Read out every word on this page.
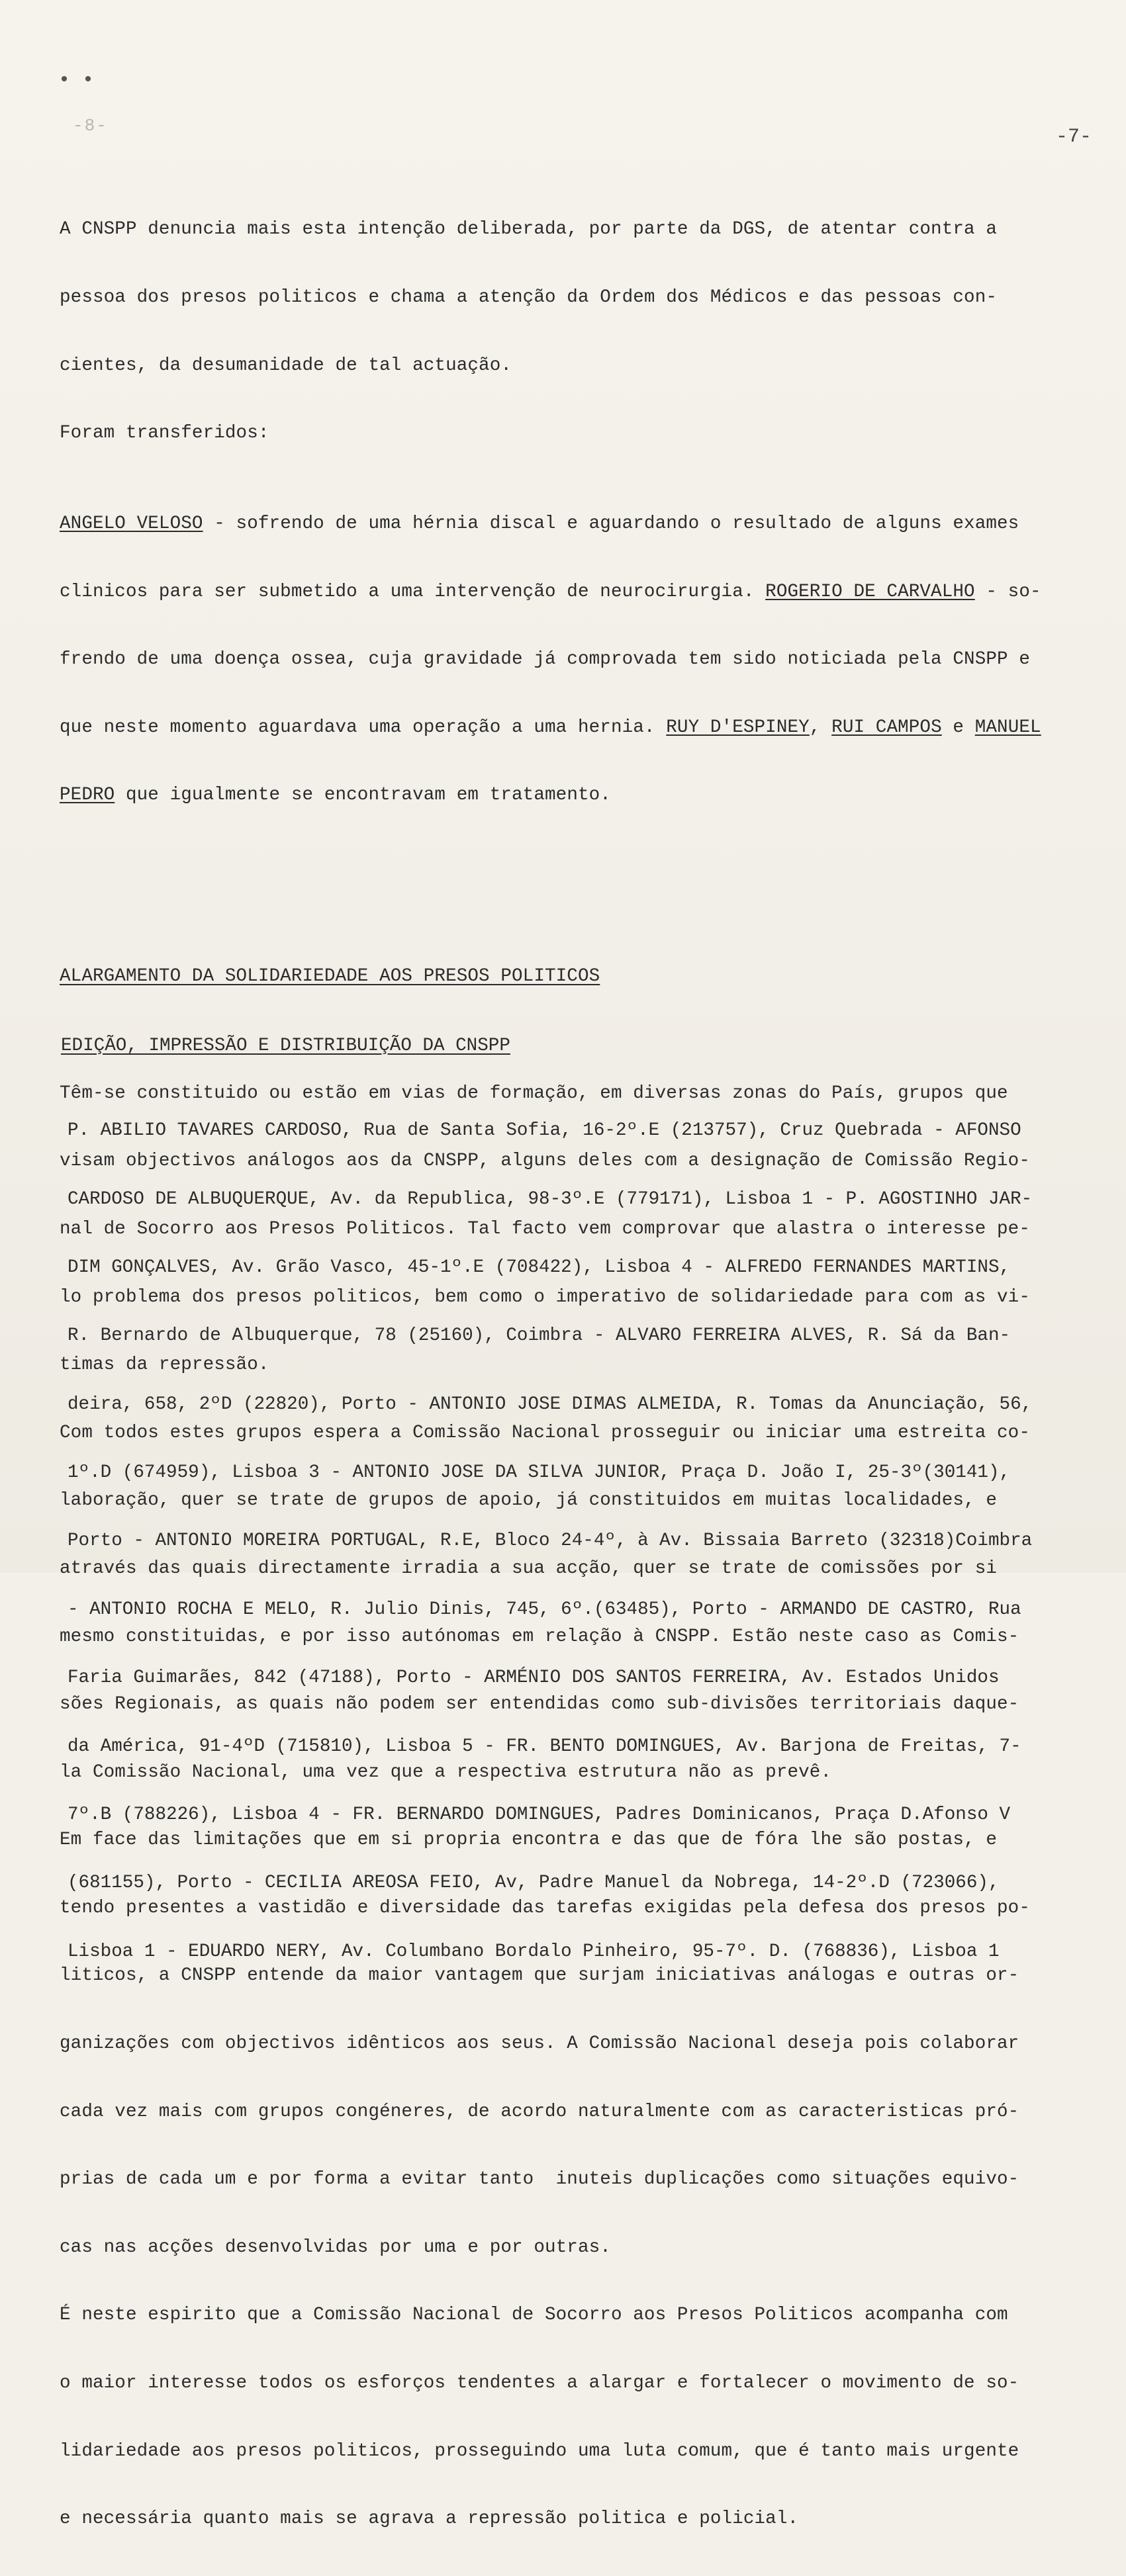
••
-8-	-7-

A CNSPP denuncia mais esta intenção deliberada, por parte da DGS, de atentar contra a

pessoa dos presos politicos e chama a atenção da Ordem dos Médicos e das pessoas con-

cientes, da desumanidade de tal actuação.

Foram transferidos:

ANGELO VELOSO - sofrendo de uma hérnia discal e aguardando o resultado de alguns exames

clinicos para ser submetido a uma intervenção de neurocirurgia. ROGERIO DE CARVALHO - so-

frendo de uma doença ossea, cuja gravidade já comprovada tem sido noticiada pela CNSPP e

que neste momento aguardava uma operação a uma hernia. RUY D'ESPINEY, RUI CAMPOS e MANUEL

PEDRO que igualmente se encontravam em tratamento.

ALARGAMENTO DA SOLIDARIEDADE AOS PRESOS POLITICOS

Têm-se constituido ou estão em vias de formação, em diversas zonas do País, grupos que

visam objectivos análogos aos da CNSPP, alguns deles com a designação de Comissão Regio-

nal de Socorro aos Presos Politicos. Tal facto vem comprovar que alastra o interesse pe-

lo problema dos presos politicos, bem como o imperativo de solidariedade para com as vi-

timas da repressão.

Com todos estes grupos espera a Comissão Nacional prosseguir ou iniciar uma estreita co-

laboração, quer se trate de grupos de apoio, já constituidos em muitas localidades, e

através das quais directamente irradia a sua acção, quer se trate de comissões por si

mesmo constituidas, e por isso autónomas em relação à CNSPP. Estão neste caso as Comis-

sões Regionais, as quais não podem ser entendidas como sub-divisões territoriais daque-

la Comissão Nacional, uma vez que a respectiva estrutura não as prevê.

Em face das limitações que em si propria encontra e das que de fóra lhe são postas, e

tendo presentes a vastidão e diversidade das tarefas exigidas pela defesa dos presos po-

liticos, a CNSPP entende da maior vantagem que surjam iniciativas análogas e outras or-

ganizações com objectivos idênticos aos seus. A Comissão Nacional deseja pois colaborar

cada vez mais com grupos congéneres, de acordo naturalmente com as caracteristicas pró-

prias de cada um e por forma a evitar tanto  inuteis duplicações como situações equivo-

cas nas acções desenvolvidas por uma e por outras.

É neste espirito que a Comissão Nacional de Socorro aos Presos Politicos acompanha com

o maior interesse todos os esforços tendentes a alargar e fortalecer o movimento de so-

lidariedade aos presos politicos, prosseguindo uma luta comum, que é tanto mais urgente

e necessária quanto mais se agrava a repressão politica e policial.

EDIÇÃO, IMPRESSÃO E DISTRIBUIÇÃO DA CNSPP

P. ABILIO TAVARES CARDOSO, Rua de Santa Sofia, 16-2º.E (213757), Cruz Quebrada - AFONSO

CARDOSO DE ALBUQUERQUE, Av. da Republica, 98-3º.E (779171), Lisboa 1 - P. AGOSTINHO JAR-

DIM GONÇALVES, Av. Grão Vasco, 45-1º.E (708422), Lisboa 4 - ALFREDO FERNANDES MARTINS,

R. Bernardo de Albuquerque, 78 (25160), Coimbra - ALVARO FERREIRA ALVES, R. Sá da Ban-

deira, 658, 2ºD (22820), Porto - ANTONIO JOSE DIMAS ALMEIDA, R. Tomas da Anunciação, 56,

1º.D (674959), Lisboa 3 - ANTONIO JOSE DA SILVA JUNIOR, Praça D. João I, 25-3º(30141),

Porto - ANTONIO MOREIRA PORTUGAL, R.E, Bloco 24-4º, à Av. Bissaia Barreto (32318)Coimbra

- ANTONIO ROCHA E MELO, R. Julio Dinis, 745, 6º.(63485), Porto - ARMANDO DE CASTRO, Rua

Faria Guimarães, 842 (47188), Porto - ARMÉNIO DOS SANTOS FERREIRA, Av. Estados Unidos

da América, 91-4ºD (715810), Lisboa 5 - FR. BENTO DOMINGUES, Av. Barjona de Freitas, 7-

7º.B (788226), Lisboa 4 - FR. BERNARDO DOMINGUES, Padres Dominicanos, Praça D.Afonso V

(681155), Porto - CECILIA AREOSA FEIO, Av, Padre Manuel da Nobrega, 14-2º.D (723066),

Lisboa 1 - EDUARDO NERY, Av. Columbano Bordalo Pinheiro, 95-7º. D. (768836), Lisboa 1
